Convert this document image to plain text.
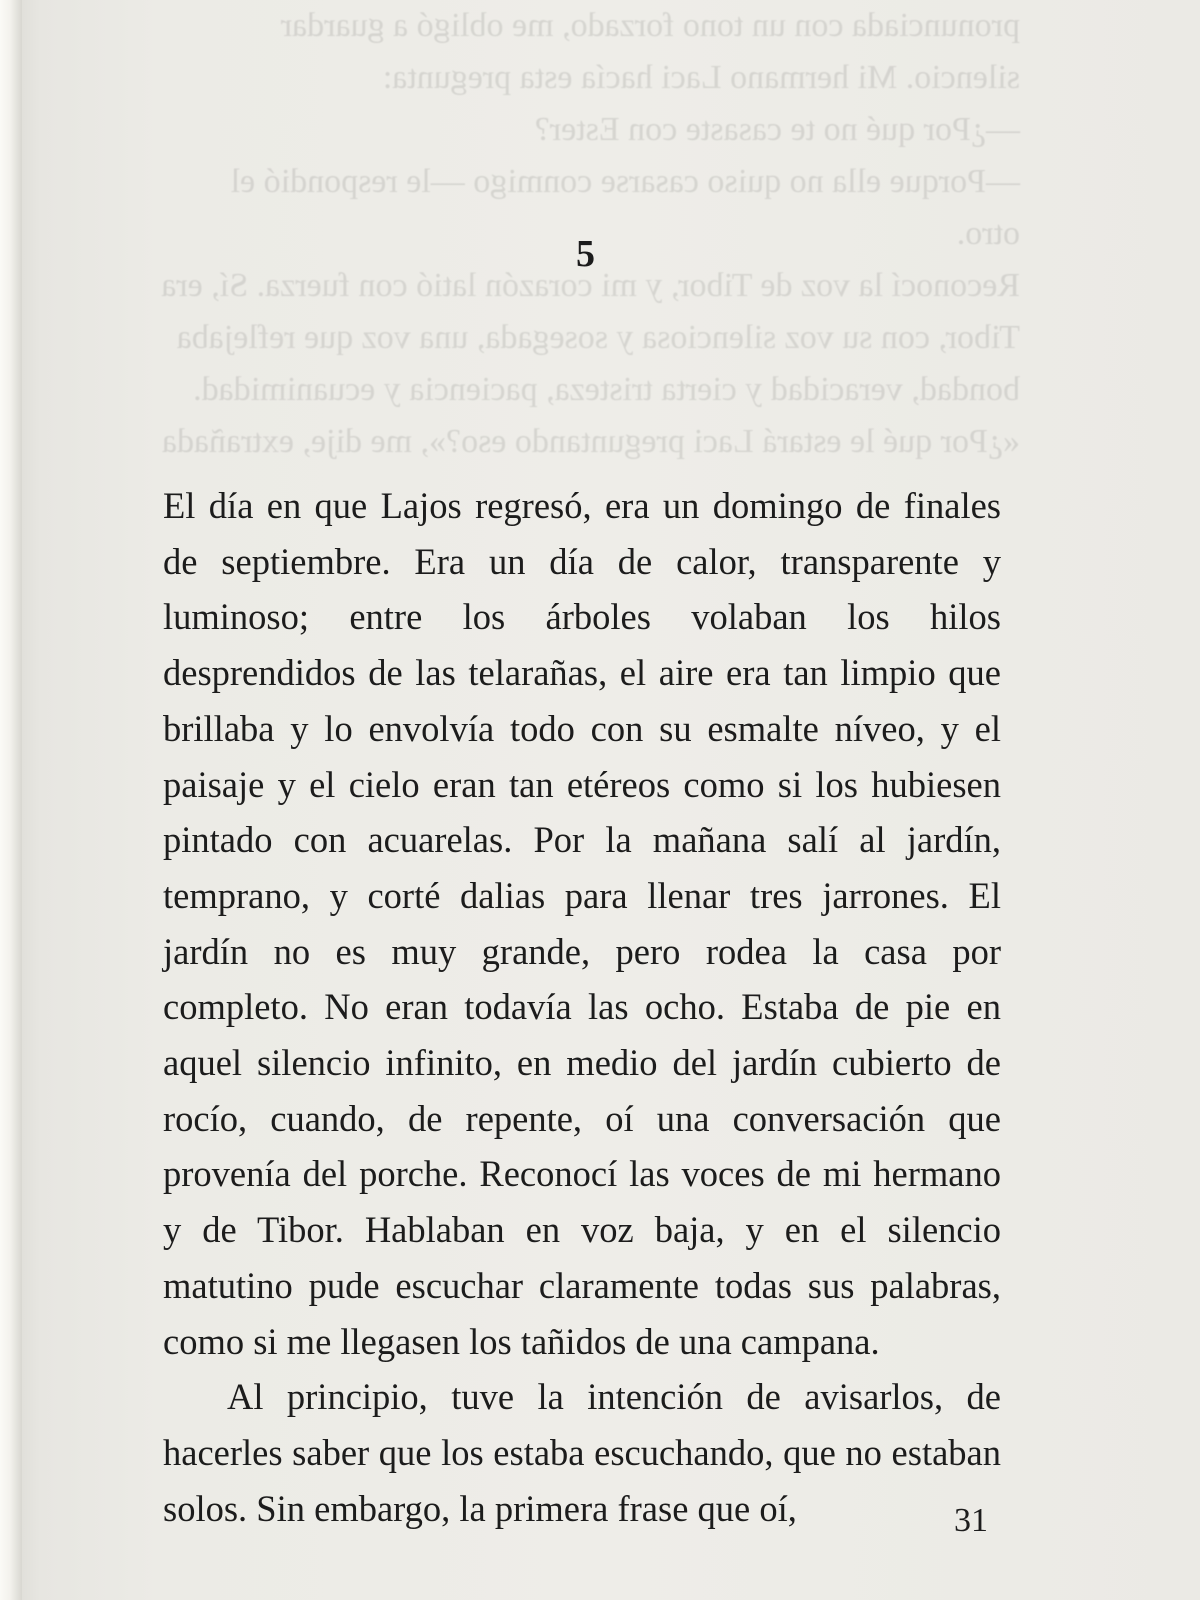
pronunciada con un tono forzado, me obligó a guardar silencio. Mi hermano Laci hacía esta pregunta:
—¿Por qué no te casaste con Ester?
—Porque ella no quiso casarse conmigo —le respondió el otro.
Reconocí la voz de Tibor, y mi corazón latió con fuerza. Sí, era Tibor, con su voz silenciosa y sosegada, una voz que reflejaba bondad, veracidad y cierta tristeza, paciencia y ecuanimidad. «¿Por qué le estará Laci preguntando eso?», me dije, extrañada
5

El día en que Lajos regresó, era un domingo de finales de septiembre. Era un día de calor, transparente y luminoso; entre los árboles volaban los hilos desprendidos de las telarañas, el aire era tan limpio que brillaba y lo envolvía todo con su esmalte níveo, y el paisaje y el cielo eran tan etéreos como si los hubiesen pintado con acuarelas. Por la mañana salí al jardín, temprano, y corté dalias para llenar tres jarrones. El jardín no es muy grande, pero rodea la casa por completo. No eran todavía las ocho. Estaba de pie en aquel silencio infinito, en medio del jardín cubierto de rocío, cuando, de repente, oí una conversación que provenía del porche. Reconocí las voces de mi hermano y de Tibor. Hablaban en voz baja, y en el silencio matutino pude escuchar claramente todas sus palabras, como si me llegasen los tañidos de una campana.

Al principio, tuve la intención de avisarlos, de hacerles saber que los estaba escuchando, que no estaban solos. Sin embargo, la primera frase que oí,	31
